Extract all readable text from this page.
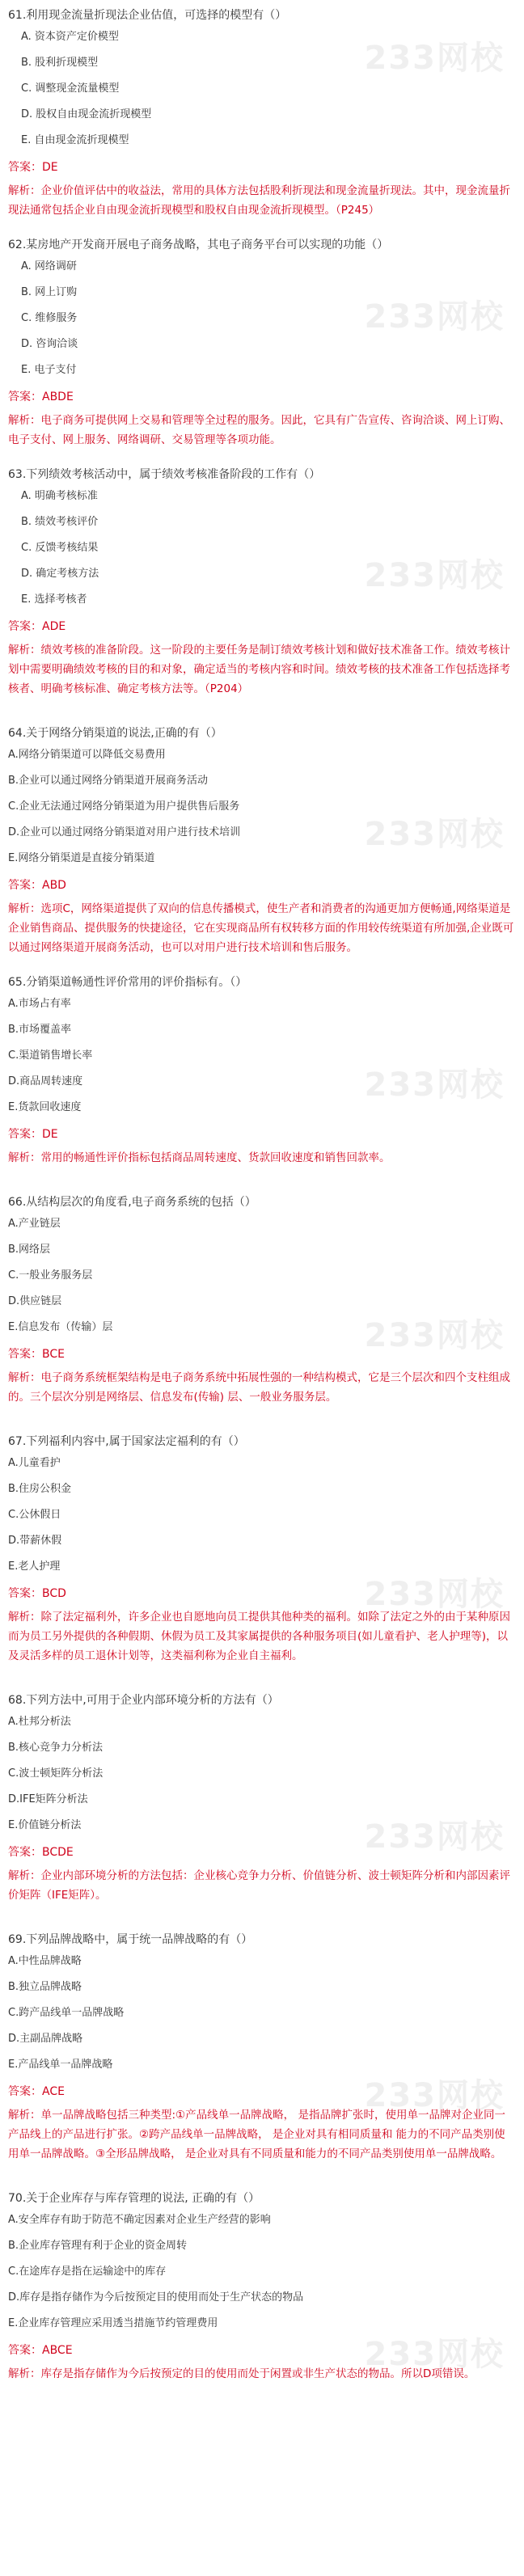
61.利用现金流量折现法企业估值，可选择的模型有（）

A. 资本资产定价模型

B. 股利折现模型

C. 调整现金流量模型

D. 股权自由现金流折现模型

E. 自由现金流折现模型

答案：DE

解析：企业价值评估中的收益法，常用的具体方法包括股利折现法和现金流量折现法。其中，现金流量折现法通常包括企业自由现金流折现模型和股权自由现金流折现模型。（P245）

62.某房地产开发商开展电子商务战略，其电子商务平台可以实现的功能（）

A. 网络调研

B. 网上订购

C. 维修服务

D. 咨询洽谈

E. 电子支付

答案：ABDE

解析：电子商务可提供网上交易和管理等全过程的服务。因此，它具有广告宣传、咨询洽谈、网上订购、电子支付、网上服务、网络调研、交易管理等各项功能。

63.下列绩效考核活动中，属于绩效考核准备阶段的工作有（）

A. 明确考核标准

B. 绩效考核评价

C. 反馈考核结果

D. 确定考核方法

E. 选择考核者

答案：ADE

解析：绩效考核的准备阶段。这一阶段的主要任务是制订绩效考核计划和做好技术准备工作。绩效考核计划中需要明确绩效考核的目的和对象，确定适当的考核内容和时间。绩效考核的技术准备工作包括选择考核者、明确考核标准、确定考核方法等。（P204）

64.关于网络分销渠道的说法,正确的有（）

A.网络分销渠道可以降低交易费用

B.企业可以通过网络分销渠道开展商务活动

C.企业无法通过网络分销渠道为用户提供售后服务

D.企业可以通过网络分销渠道对用户进行技术培训

E.网络分销渠道是直接分销渠道

答案：ABD

解析：选项C，网络渠道提供了双向的信息传播模式，使生产者和消费者的沟通更加方便畅通,网络渠道是企业销售商品、提供服务的快捷途径，它在实现商品所有权转移方面的作用较传统渠道有所加强,企业既可以通过网络渠道开展商务活动，也可以对用户进行技术培训和售后服务。

65.分销渠道畅通性评价常用的评价指标有。（）

A.市场占有率

B.市场覆盖率

C.渠道销售增长率

D.商品周转速度

E.货款回收速度

答案：DE

解析：常用的畅通性评价指标包括商品周转速度、货款回收速度和销售回款率。

66.从结构层次的角度看,电子商务系统的包括（）

A.产业链层

B.网络层

C.一般业务服务层

D.供应链层

E.信息发布（传输）层

答案：BCE

解析：电子商务系统框架结构是电子商务系统中拓展性强的一种结构模式，它是三个层次和四个支柱组成的。三个层次分别是网络层、信息发布(传输) 层、一般业务服务层。

67.下列福利内容中,属于国家法定福利的有（）

A.儿童看护

B.住房公积金

C.公休假日

D.带薪休假

E.老人护理

答案：BCD

解析：除了法定福利外，许多企业也自愿地向员工提供其他种类的福利。如除了法定之外的由于某种原因而为员工另外提供的各种假期、休假为员工及其家属提供的各种服务项目(如儿童看护、老人护理等)，以及灵活多样的员工退休计划等，这类福利称为企业自主福利。

68.下列方法中,可用于企业内部环境分析的方法有（）

A.杜邦分析法

B.核心竞争力分析法

C.波士顿矩阵分析法

D.IFE矩阵分析法

E.价值链分析法

答案：BCDE

解析：企业内部环境分析的方法包括：企业核心竞争力分析、价值链分析、波士顿矩阵分析和内部因素评价矩阵（IFE矩阵）。

69.下列品牌战略中，属于统一品牌战略的有（）

A.中性品牌战略

B.独立品牌战略

C.跨产品线单一品牌战略

D.主副品牌战略

E.产品线单一品牌战略

答案：ACE

解析：单一品牌战略包括三种类型:①产品线单一品牌战略， 是指品牌扩张时，使用单一品牌对企业同一产品线上的产品进行扩张。②跨产品线单一品牌战略， 是企业对具有相同质量和 能力的不同产品类别使用单一品牌战略。③全形品牌战略， 是企业对具有不同质量和能力的不同产品类别使用单一品牌战略。

70.关于企业库存与库存管理的说法, 正确的有（）

A.安全库存有助于防范不确定因素对企业生产经营的影响

B.企业库存管理有利于企业的资金周转

C.在途库存是指在运输途中的库存

D.库存是指存储作为今后按预定目的使用而处于生产状态的物品

E.企业库存管理应采用透当措施节约管理费用

答案：ABCE

解析：库存是指存储作为今后按预定的目的使用而处于闲置或非生产状态的物品。所以D项错误。

233网校
233网校
233网校
233网校
233网校
233网校
233网校
233网校
233网校
233网校
